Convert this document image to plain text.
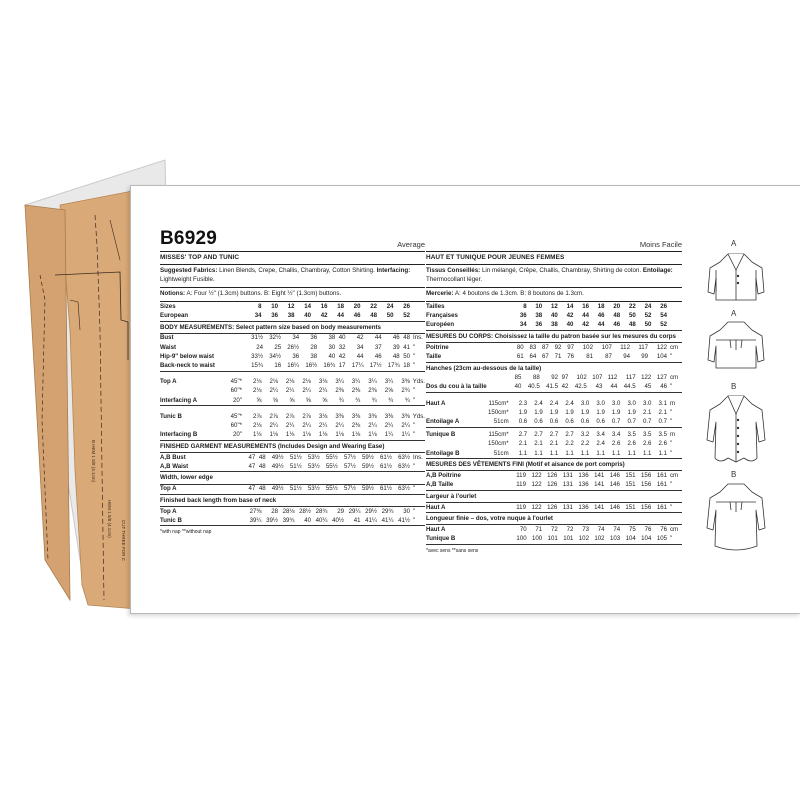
CUT THREE FOR C
B HEM 1 5/8 (4.1cm)
HEM 1 5/8 (4.1cm)
B6929	Average
MISSES' TOP AND TUNIC

Suggested Fabrics: Linen Blends, Crepe, Challis, Chambray, Cotton Shirting. Interfacing: Lightweight Fusible.

Notions: A: Four ½" (1.3cm) buttons. B: Eight ½" (1.3cm) buttons.

Sizes		8	10	12	14	16	18	20	22	24	26	
European		34	36	38	40	42	44	46	48	50	52	
BODY MEASUREMENTS: Select pattern size based on body measurements
Bust		31½	32½	34	36	38	40	42	44	46	48	Ins.
Waist		24	25	26½	28	30	32	34	37	39	41	"
Hip-9" below waist		33½	34½	36	38	40	42	44	46	48	50	"
Back-neck to waist		15¾	16	16¼	16½	16¾	17	17¼	17½	17¾	18	"
Top A	45"*	2⅛	2⅛	2⅛	2⅛	3⅛	3¼	3¼	3¼	3¼	3⅜	Yds.
	60"*	2⅛	2¼	2¼	2¼	2¼	2⅜	2⅜	2⅜	2⅝	2¾	"
Interfacing A	20"	⅝	⅝	⅝	⅝	⅝	¾	¾	¾	¾	¾	"
Tunic B	45"*	2⅞	2⅞	2⅞	2⅞	3⅛	3⅜	3⅜	3⅜	3⅜	3⅜	Yds.
	60"*	2⅛	2¼	2¼	2¼	2¼	2¼	2⅜	2¼	2¼	2¼	"
Interfacing B	20"	1⅛	1⅛	1⅛	1⅛	1⅛	1⅛	1⅛	1⅛	1¼	1¼	"
FINISHED GARMENT MEASUREMENTS (Includes Design and Wearing Ease)
A,B Bust		47	48	49½	51½	53½	55½	57½	59½	61½	63½	Ins.
A,B Waist		47	48	49½	51½	53½	55½	57½	59½	61½	63½	"
Width, lower edge
Top A		47	48	49½	51½	53½	55½	57½	59½	61½	63½	"
Finished back length from base of neck
Top A		27⅜	28	28⅛	28½	28¾	29	29¼	29½	29¾	30	"
Tunic B		39¼	39½	39¾	40	40¼	40½	41	41¼	41¼	41½	"
*with nap **without nap
Moins Facile
HAUT ET TUNIQUE POUR JEUNES FEMMES

Tissus Conseillés: Lin mélangé, Crêpe, Challis, Chambray, Shirting de coton. Entoilage: Thermocollant léger.

Mercerie: A: 4 boutons de 1.3cm. B: 8 boutons de 1.3cm.

Tailles		8	10	12	14	16	18	20	22	24	26	
Françaises		36	38	40	42	44	46	48	50	52	54	
Européen		34	36	38	40	42	44	46	48	50	52	
MESURES DU CORPS: Choisissez la taille du patron basée sur les mesures du corps
Poitrine		80	83	87	92	97	102	107	112	117	122	cm
Taille		61	64	67	71	76	81	87	94	99	104	"
Hanches (23cm au-dessous de la taille)
		85	88	92	97	102	107	112	117	122	127	cm
Dos du cou à la taille		40	40.5	41.5	42	42.5	43	44	44.5	45	46	"
Haut A	115cm*	2.3	2.4	2.4	2.4	3.0	3.0	3.0	3.0	3.0	3.1	m
	150cm*	1.9	1.9	1.9	1.9	1.9	1.9	1.9	1.9	2.1	2.1	"
Entoilage A	51cm	0.6	0.6	0.6	0.6	0.6	0.6	0.7	0.7	0.7	0.7	"
Tunique B	115cm*	2.7	2.7	2.7	2.7	3.2	3.4	3.4	3.5	3.5	3.5	m
	150cm*	2.1	2.1	2.1	2.2	2.2	2.4	2.6	2.6	2.6	2.6	"
Entoilage B	51cm	1.1	1.1	1.1	1.1	1.1	1.1	1.1	1.1	1.1	1.1	"
MESURES DES VÊTEMENTS FINI (Motif et aisance de port compris)
A,B Poitrine		119	122	126	131	136	141	146	151	156	161	cm
A,B Taille		119	122	126	131	136	141	146	151	156	161	"
Largeur à l'ourlet
Haut A		119	122	126	131	136	141	146	151	156	161	"
Longueur finie – dos, votre nuque à l'ourlet
Haut A		70	71	72	72	73	74	74	75	76	76	cm
Tunique B		100	100	101	101	102	102	103	104	104	105	"
*avec sens **sans sens
A
A
B
B
